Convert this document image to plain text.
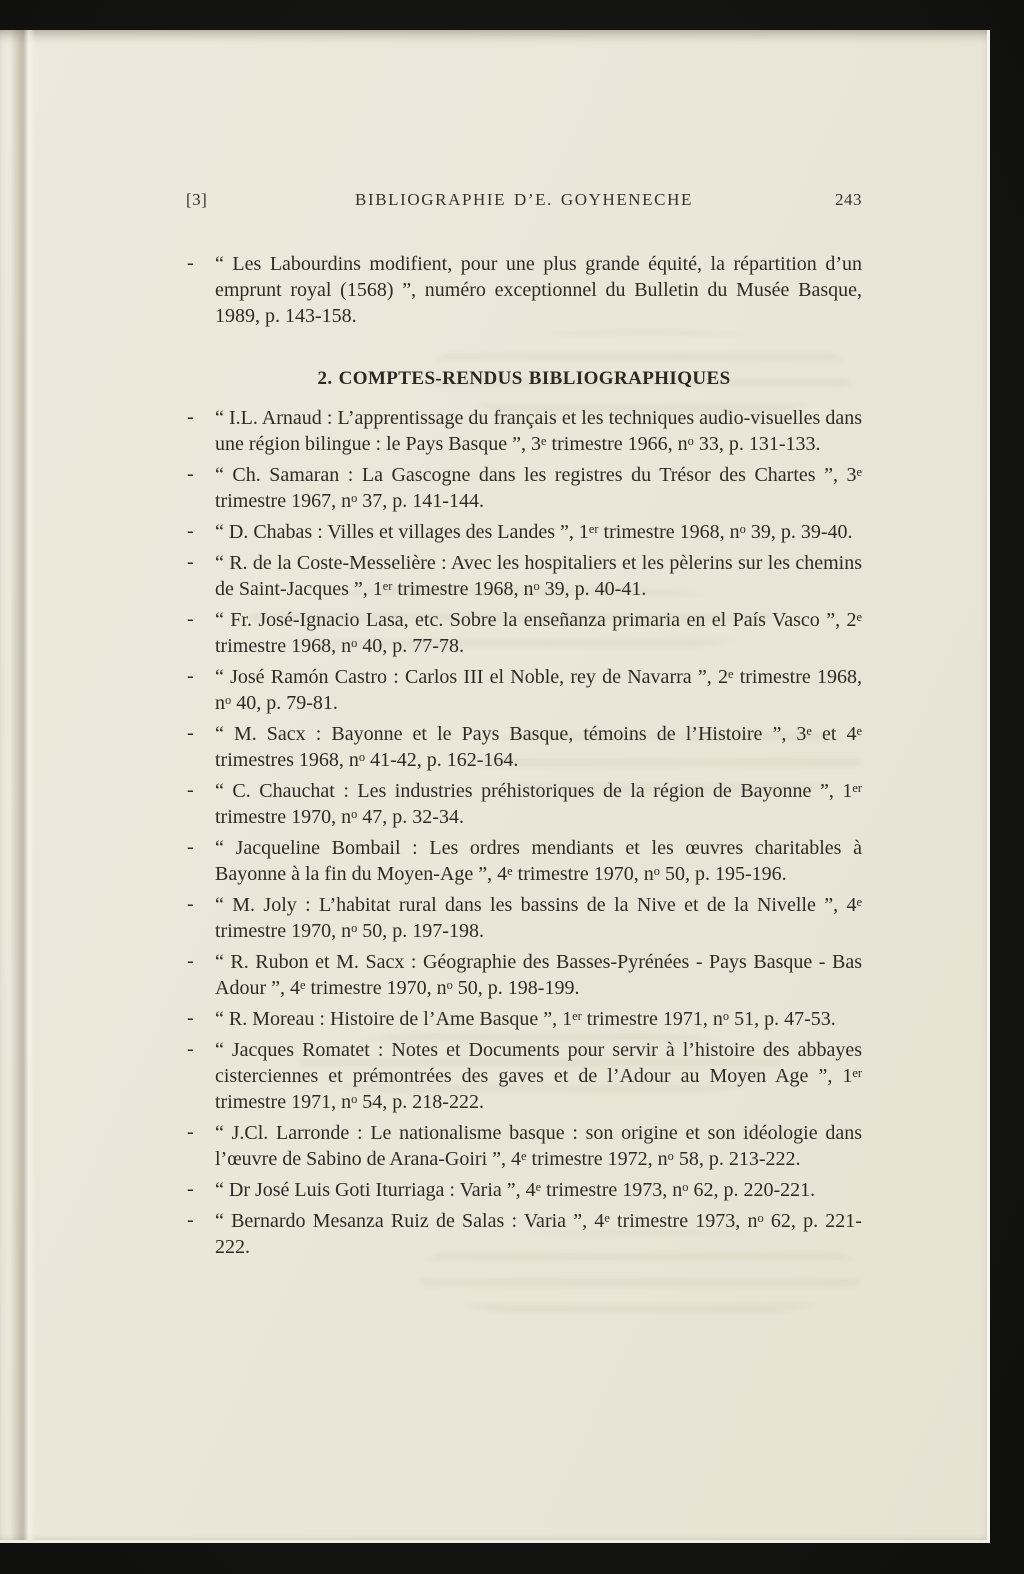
[3]	BIBLIOGRAPHIE D’E. GOYHENECHE	243
- “ Les Labourdins modifient, pour une plus grande équité, la répartition d’un emprunt royal (1568) ”, numéro exceptionnel du Bulletin du Musée Basque, 1989, p. 143-158.
2. COMPTES-RENDUS BIBLIOGRAPHIQUES
- “ I.L. Arnaud : L’apprentissage du français et les techniques audio-visuelles dans une région bilingue : le Pays Basque ”, 3e trimestre 1966, $n^o$ 33, p. 131-133.
- “ Ch. Samaran : La Gascogne dans les registres du Trésor des Chartes ”, 3e trimestre 1967, $n^o$ 37, p. 141-144.
- “ D. Chabas : Villes et villages des Landes ”, 1er trimestre 1968, $n^o$ 39, p. 39-40.
- “ R. de la Coste-Messelière : Avec les hospitaliers et les pèlerins sur les chemins de Saint-Jacques ”, 1er trimestre 1968, $n^o$ 39, p. 40-41.
- “ Fr. José-Ignacio Lasa, etc. Sobre la enseñanza primaria en el País Vasco ”, 2e trimestre 1968, $n^o$ 40, p. 77-78.
- “ José Ramón Castro : Carlos III el Noble, rey de Navarra ”, 2e trimestre 1968, $n^o$ 40, p. 79-81.
- “ M. Sacx : Bayonne et le Pays Basque, témoins de l’Histoire ”, 3e et 4e trimestres 1968, $n^o$ 41-42, p. 162-164.
- “ C. Chauchat : Les industries préhistoriques de la région de Bayonne ”, 1er trimestre 1970, $n^o$ 47, p. 32-34.
- “ Jacqueline Bombail : Les ordres mendiants et les œuvres charitables à Bayonne à la fin du Moyen-Age ”, 4e trimestre 1970, $n^o$ 50, p. 195-196.
- “ M. Joly : L’habitat rural dans les bassins de la Nive et de la Nivelle ”, 4e trimestre 1970, $n^o$ 50, p. 197-198.
- “ R. Rubon et M. Sacx : Géographie des Basses-Pyrénées - Pays Basque - Bas Adour ”, 4e trimestre 1970, $n^o$ 50, p. 198-199.
- “ R. Moreau : Histoire de l’Ame Basque ”, 1er trimestre 1971, $n^o$ 51, p. 47-53.
- “ Jacques Romatet : Notes et Documents pour servir à l’histoire des abbayes cisterciennes et prémontrées des gaves et de l’Adour au Moyen Age ”, 1er trimestre 1971, $n^o$ 54, p. 218-222.
- “ J.Cl. Larronde : Le nationalisme basque : son origine et son idéologie dans l’œuvre de Sabino de Arana-Goiri ”, 4e trimestre 1972, $n^o$ 58, p. 213-222.
- “ Dr José Luis Goti Iturriaga : Varia ”, 4e trimestre 1973, $n^o$ 62, p. 220-221.
- “ Bernardo Mesanza Ruiz de Salas : Varia ”, 4e trimestre 1973, $n^o$ 62, p. 221-222.
